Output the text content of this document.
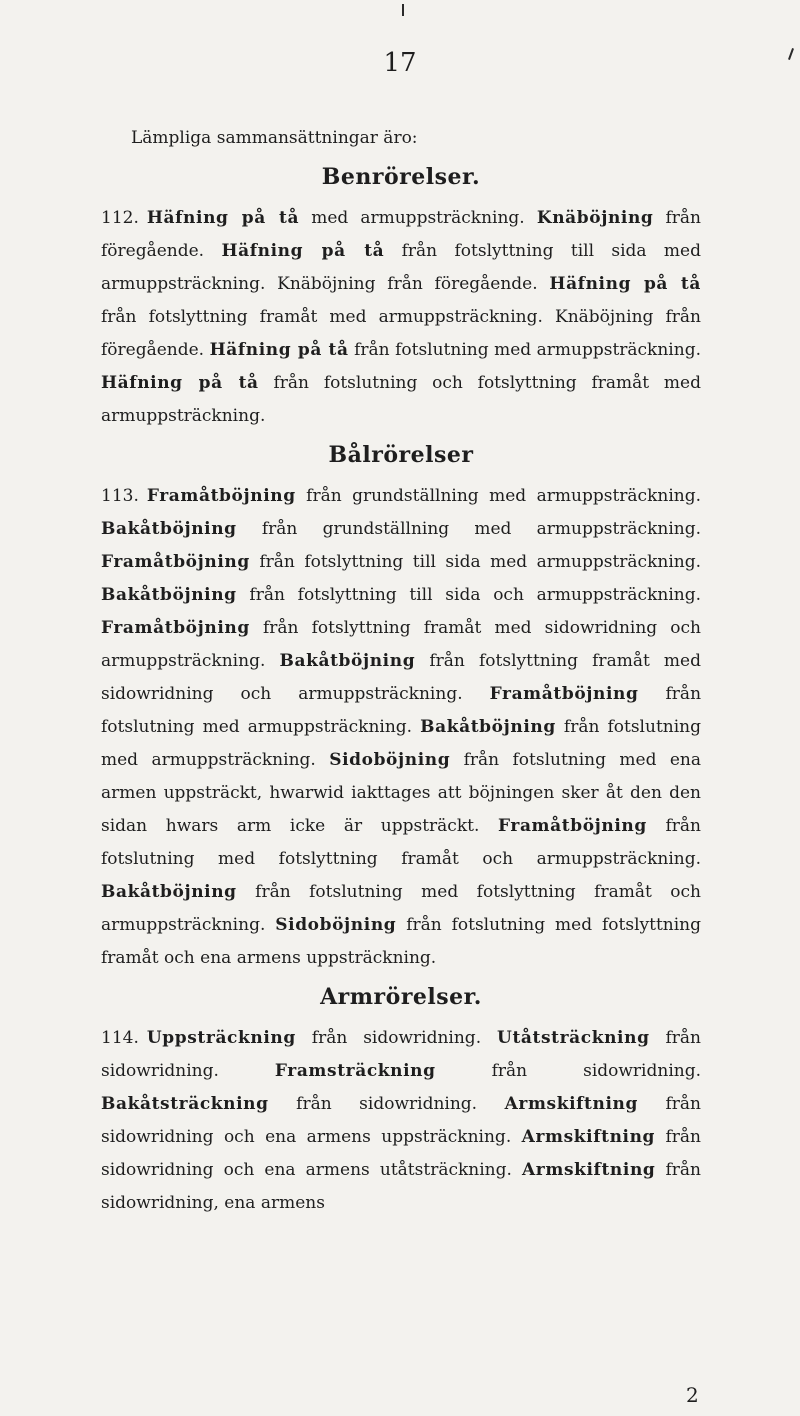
17

Lämpliga sammansättningar äro:

Benrörelser.

112. Häfning på tå med armuppsträckning. Knäböjning från föregående. Häfning på tå från fotslyttning till sida med armuppsträckning. Knäböjning från föregående. Häfning på tå från fotslyttning framåt med armuppsträckning. Knäböjning från föregående. Häfning på tå från fotslutning med armuppsträckning. Häfning på tå från fotslutning och fotslyttning framåt med armuppsträckning.

Bålrörelser

113. Framåtböjning från grundställning med armuppsträckning. Bakåtböjning från grundställning med armuppsträckning. Framåtböjning från fotslyttning till sida med armuppsträckning. Bakåtböjning från fotslyttning till sida och armuppsträckning. Framåtböjning från fotslyttning framåt med sidowridning och armuppsträckning. Bakåtböjning från fotslyttning framåt med sidowridning och armuppsträckning. Framåtböjning från fotslutning med armuppsträckning. Bakåtböjning från fotslutning med armuppsträckning. Sidoböjning från fotslutning med ena armen uppsträckt, hwarwid iakttages att böjningen sker åt den den sidan hwars arm icke är uppsträckt. Framåtböjning från fotslutning med fotslyttning framåt och armuppsträckning. Bakåtböjning från fotslutning med fotslyttning framåt och armuppsträckning. Sidoböjning från fotslutning med fotslyttning framåt och ena armens uppsträckning.

Armrörelser.

114. Uppsträckning från sidowridning. Utåtsträckning från sidowridning. Framsträckning från sidowridning. Bakåtsträckning från sidowridning. Armskiftning från sidowridning och ena armens uppsträckning. Armskiftning från sidowridning och ena armens utåtsträckning. Armskiftning från sidowridning, ena armens

2
